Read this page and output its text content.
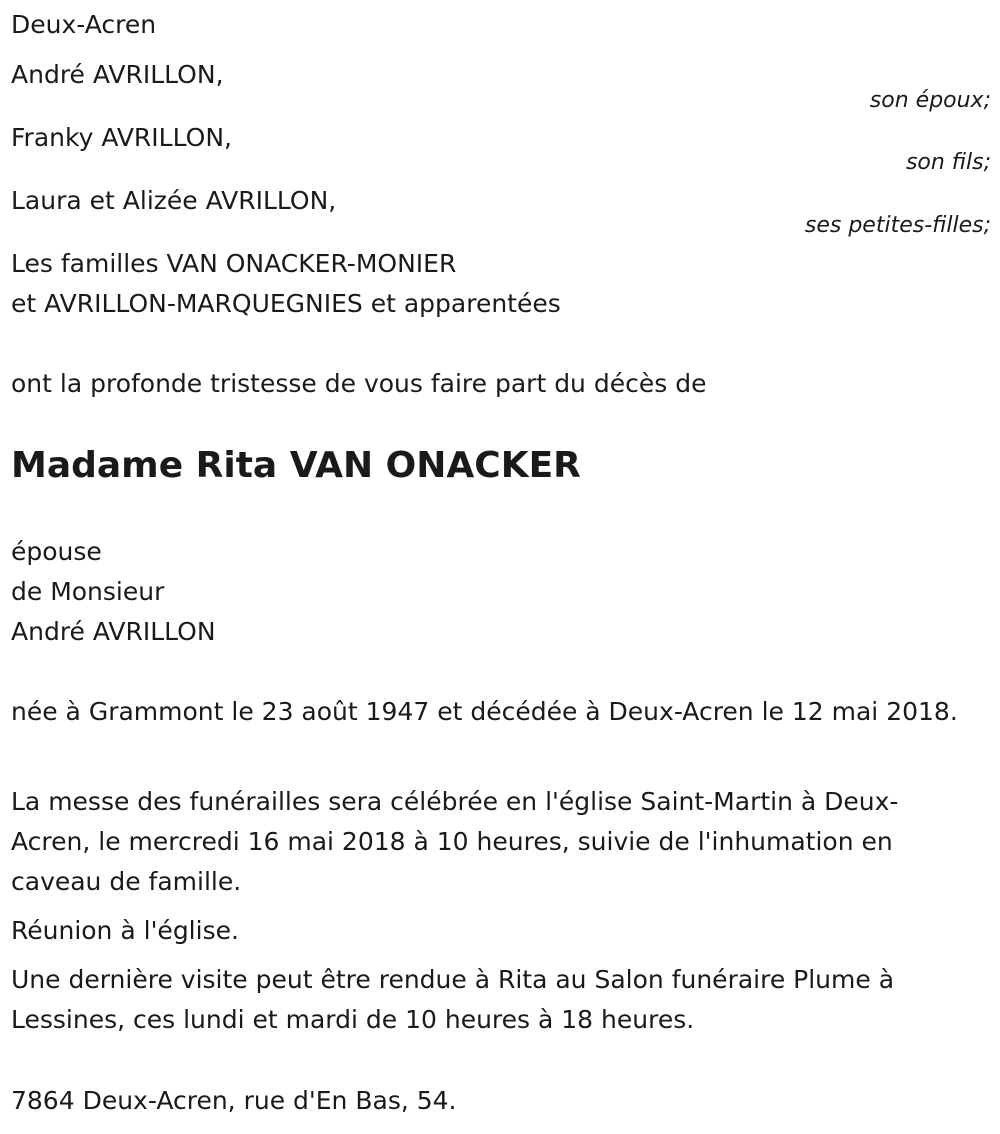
Deux-Acren
André AVRILLON,
son époux;
Franky AVRILLON,
son fils;
Laura et Alizée AVRILLON,
ses petites-filles;
Les familles VAN ONACKER-MONIER
et AVRILLON-MARQUEGNIES et apparentées
ont la profonde tristesse de vous faire part du décès de
Madame Rita VAN ONACKER
épouse
de Monsieur
André AVRILLON

née à Grammont le 23 août 1947 et décédée à Deux-Acren le 12 mai 2018.

La messe des funérailles sera célébrée en l'église Saint-Martin à Deux-Acren, le mercredi 16 mai 2018 à 10 heures, suivie de l'inhumation en caveau de famille.

Réunion à l'église.

Une dernière visite peut être rendue à Rita au Salon funéraire Plume à Lessines, ces lundi et mardi de 10 heures à 18 heures.

7864 Deux-Acren, rue d'En Bas, 54.
